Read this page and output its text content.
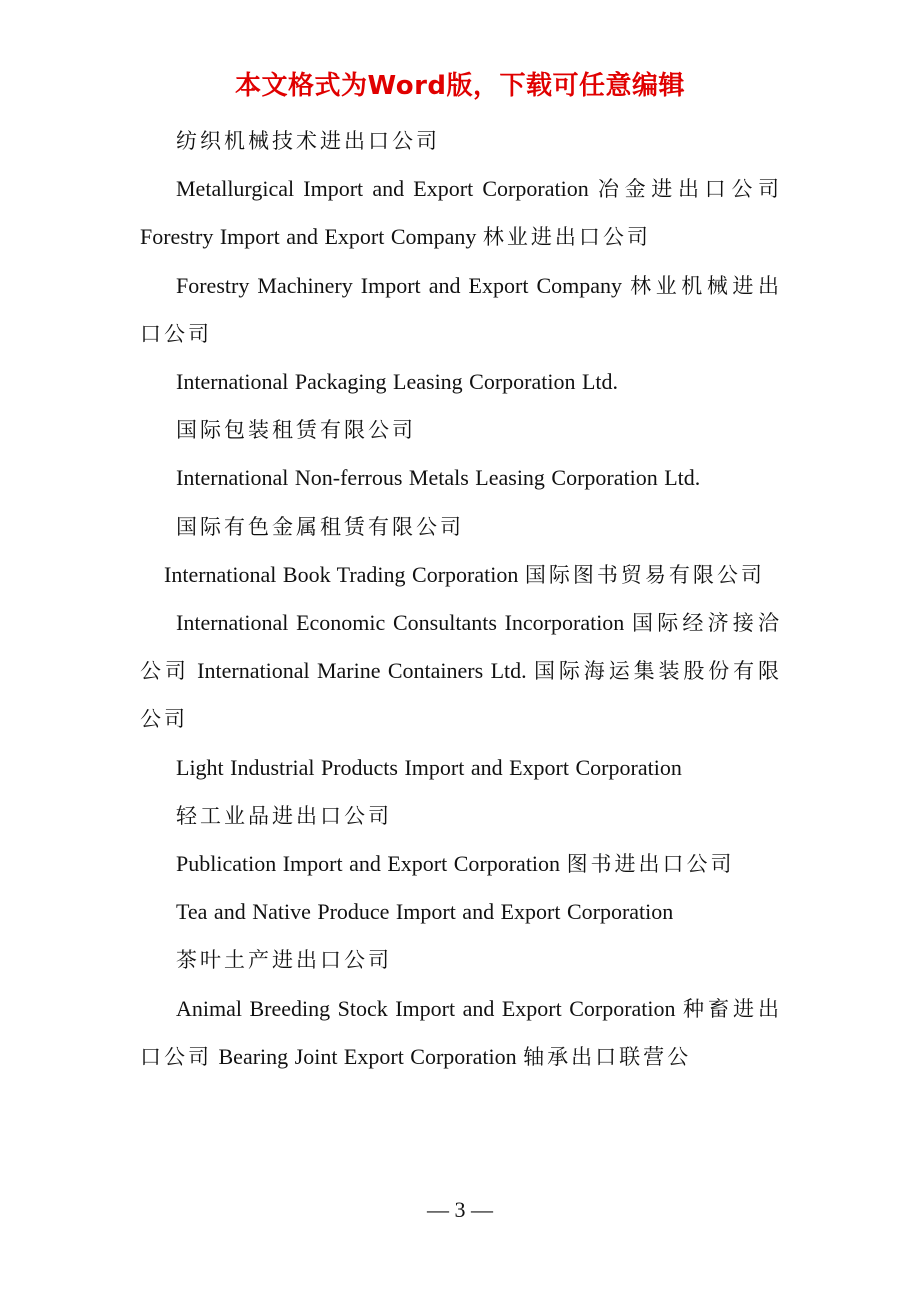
本文格式为Word版，下载可任意编辑

纺织机械技术进出口公司

Metallurgical Import and Export Corporation 冶金进出口公司 Forestry Import and Export Company 林业进出口公司

Forestry Machinery Import and Export Company 林业机械进出口公司

International Packaging Leasing Corporation Ltd.

国际包装租赁有限公司

International Non-ferrous Metals Leasing Corporation Ltd.

国际有色金属租赁有限公司

International Book Trading Corporation 国际图书贸易有限公司

International Economic Consultants Incorporation 国际经济接洽公司 International Marine Containers Ltd. 国际海运集装股份有限公司

Light Industrial Products Import and Export Corporation

轻工业品进出口公司

Publication Import and Export Corporation 图书进出口公司

Tea and Native Produce Import and Export Corporation

茶叶土产进出口公司

Animal Breeding Stock Import and Export Corporation 种畜进出口公司 Bearing Joint Export Corporation 轴承出口联营公

— 3 —
